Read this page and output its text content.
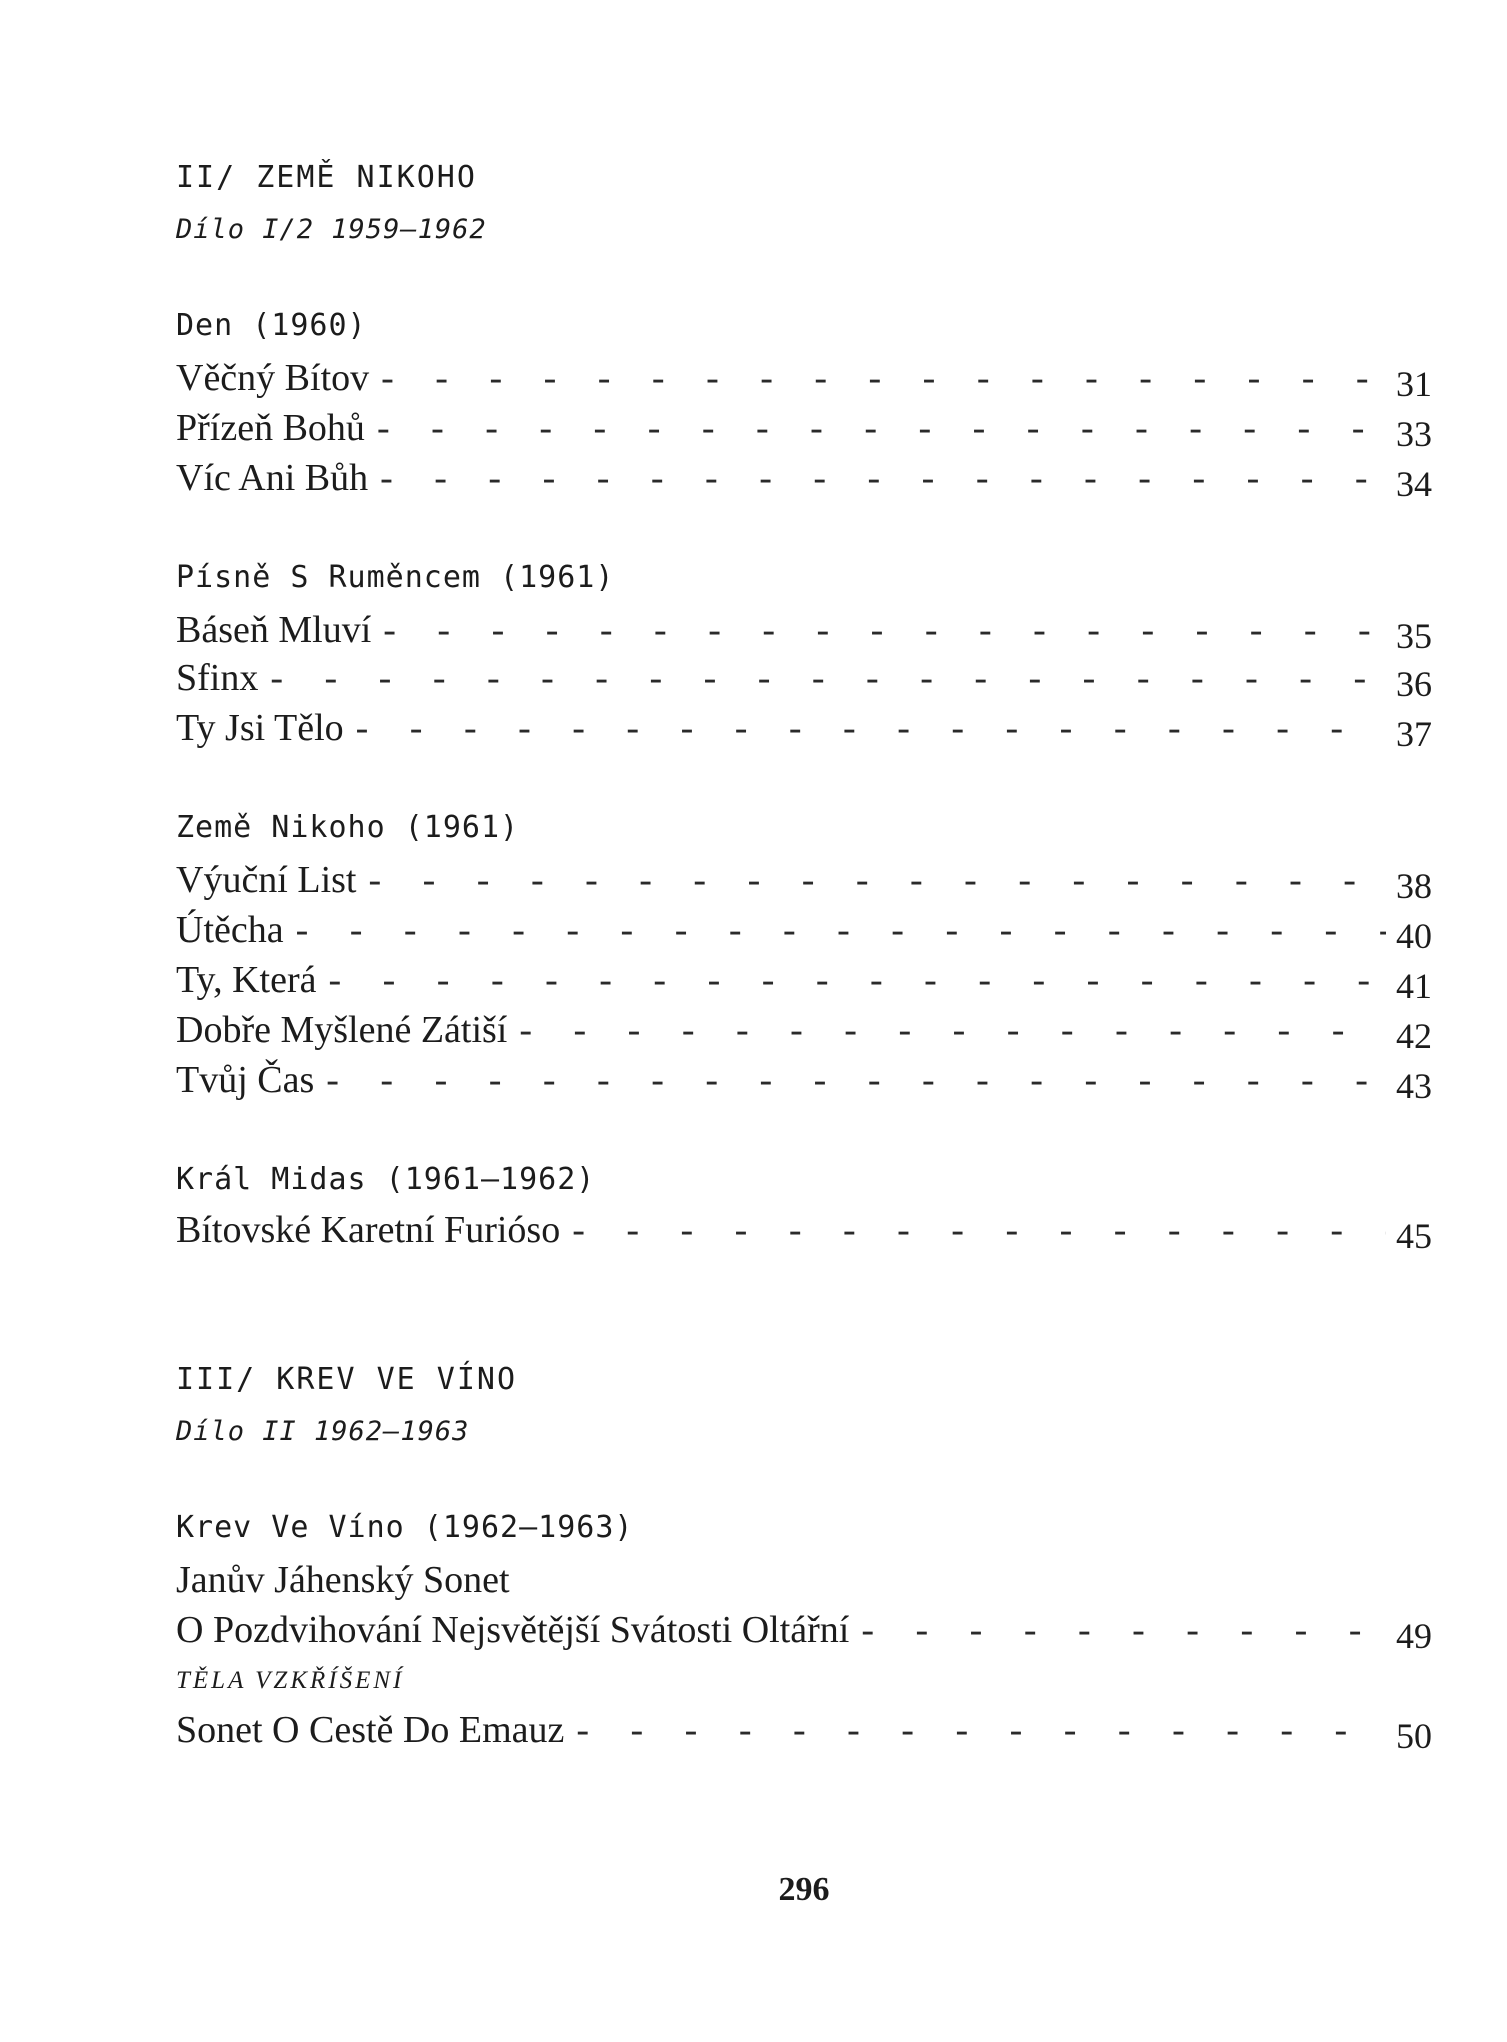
II/ ZEMĚ NIKOHO
Dílo I/2 1959–1962
Den (1960)
Věčný Bítov - - -	31
Přízeň Bohů - - -	33
Víc Ani Bůh - - -	34
Písně S Ruměncem (1961)
Báseň Mluví - - -	35
Sfinx - - -	36
Ty Jsi Tělo - - -	37
Země Nikoho (1961)
Výuční List - - -	38
Útěcha - - -	40
Ty, Která - - -	41
Dobře Myšlené Zátiší - - -	42
Tvůj Čas - - -	43
Král Midas (1961–1962)
Bítovské Karetní Furióso - - -	45
III/ KREV VE VÍNO
Dílo II 1962–1963
Krev Ve Víno (1962–1963)
Janův Jáhenský Sonet
O Pozdvihování Nejsvětější Svátosti Oltářní - - -	49
TĚLA VZKŘÍŠENÍ
Sonet O Cestě Do Emauz - - -	50
296
